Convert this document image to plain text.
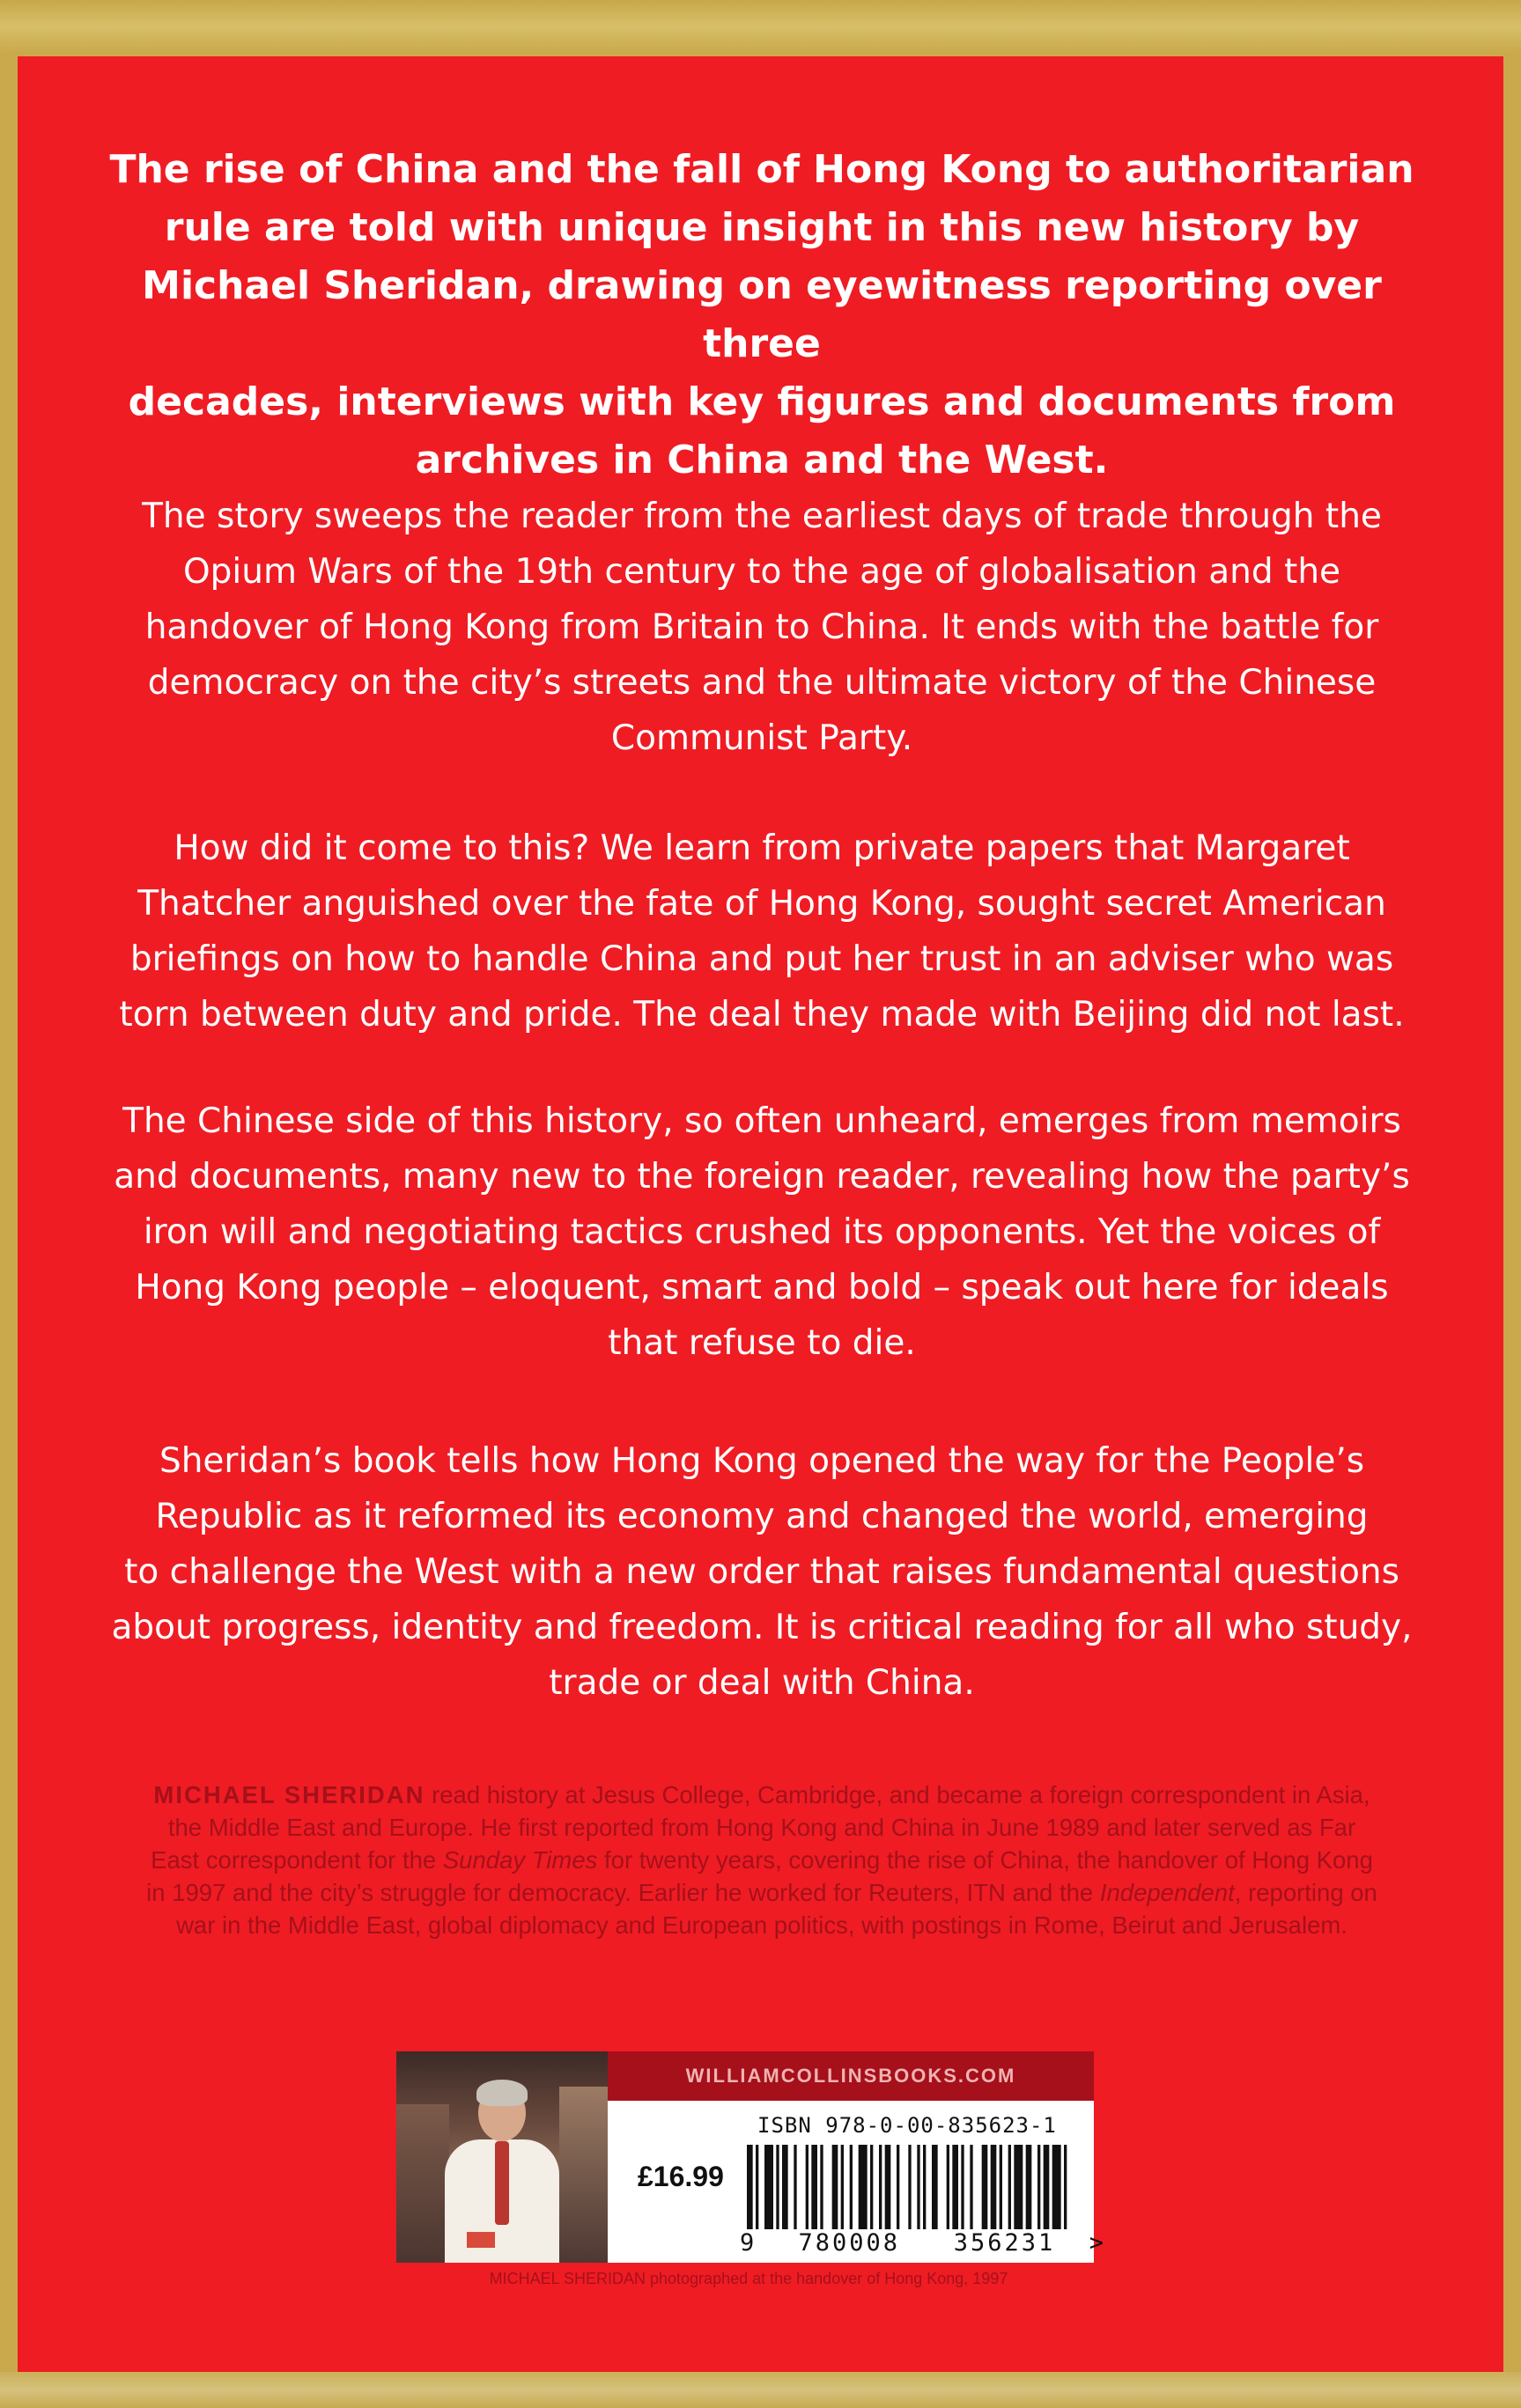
The rise of China and the fall of Hong Kong to authoritarian
rule are told with unique insight in this new history by
Michael Sheridan, drawing on eyewitness reporting over three
decades, interviews with key figures and documents from
archives in China and the West.
The story sweeps the reader from the earliest days of trade through the
Opium Wars of the 19th century to the age of globalisation and the
handover of Hong Kong from Britain to China. It ends with the battle for
democracy on the city’s streets and the ultimate victory of the Chinese
Communist Party.
How did it come to this? We learn from private papers that Margaret
Thatcher anguished over the fate of Hong Kong, sought secret American
briefings on how to handle China and put her trust in an adviser who was
torn between duty and pride. The deal they made with Beijing did not last.
The Chinese side of this history, so often unheard, emerges from memoirs
and documents, many new to the foreign reader, revealing how the party’s
iron will and negotiating tactics crushed its opponents. Yet the voices of
Hong Kong people – eloquent, smart and bold – speak out here for ideals
that refuse to die.
Sheridan’s book tells how Hong Kong opened the way for the People’s
Republic as it reformed its economy and changed the world, emerging
to challenge the West with a new order that raises fundamental questions
about progress, identity and freedom. It is critical reading for all who study,
trade or deal with China.
MICHAEL SHERIDAN read history at Jesus College, Cambridge, and became a foreign correspondent in Asia, the Middle East and Europe. He first reported from Hong Kong and China in June 1989 and later served as Far East correspondent for the Sunday Times for twenty years, covering the rise of China, the handover of Hong Kong in 1997 and the city’s struggle for democracy. Earlier he worked for Reuters, ITN and the Independent, reporting on war in the Middle East, global diplomacy and European politics, with postings in Rome, Beirut and Jerusalem.
WILLIAMCOLLINSBOOKS.COM
ISBN 978-0-00-835623-1
£16.99
9 780008 356231 >
MICHAEL SHERIDAN photographed at the handover of Hong Kong, 1997
